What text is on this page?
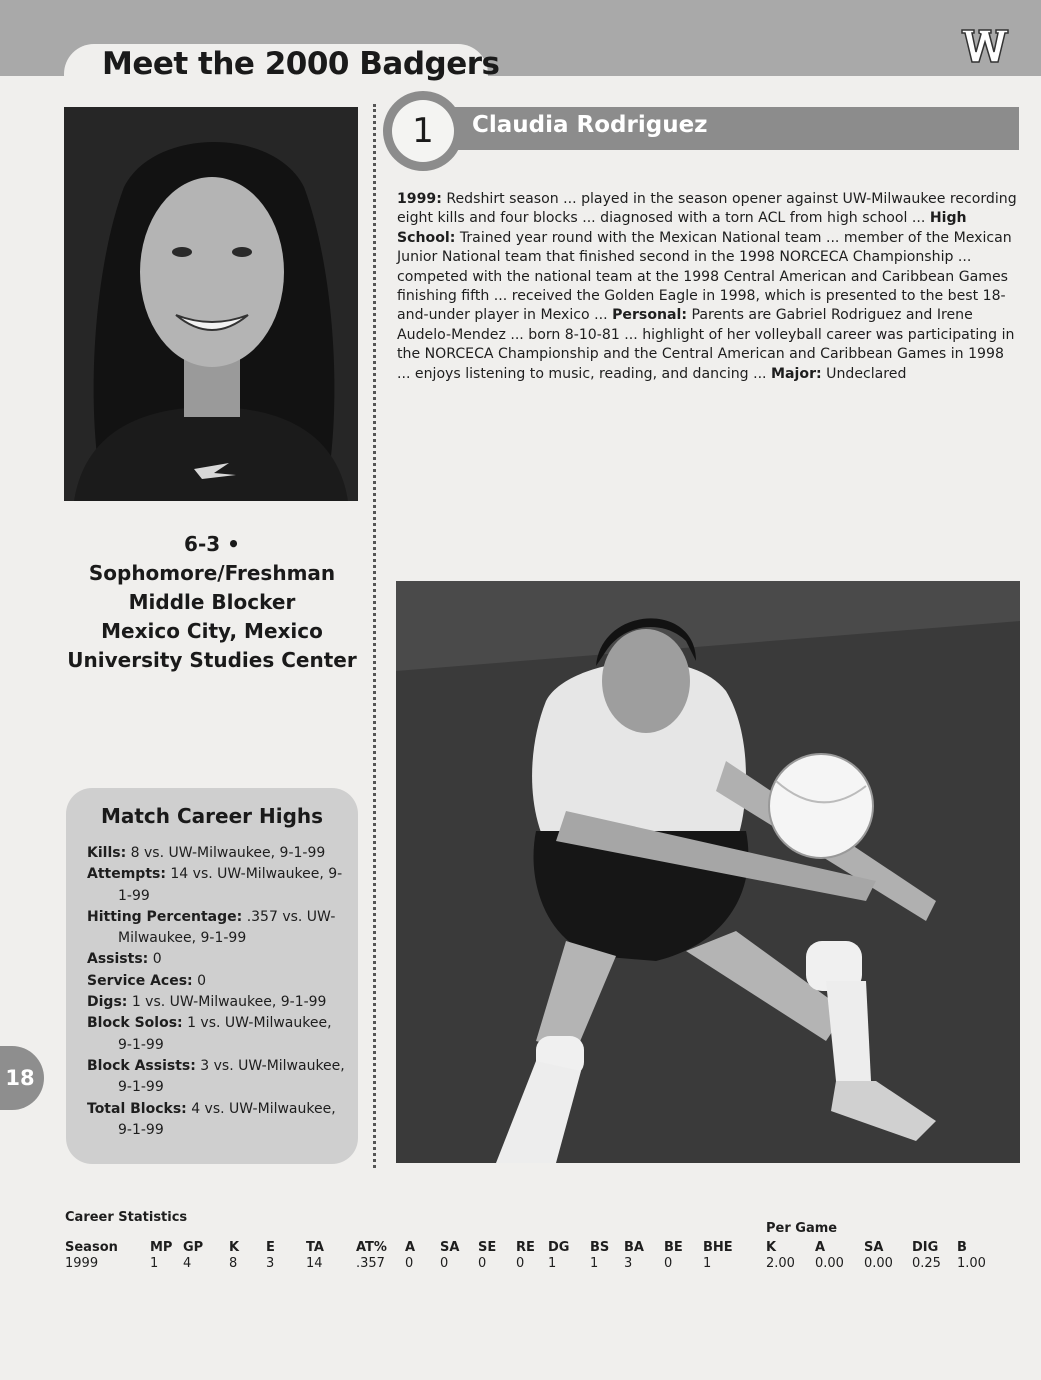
Meet the 2000 Badgers
18
Claudia Rodriguez
1
1999: Redshirt season ... played in the season opener against UW-Milwaukee recording eight kills and four blocks ... diagnosed with a torn ACL from high school ... High School: Trained year round with the Mexican National team ... member of the Mexican Junior National team that finished second in the 1998 NORCECA Championship ... competed with the national team at the 1998 Central American and Caribbean Games finishing fifth ... received the Golden Eagle in 1998, which is presented to the best 18-and-under player in Mexico ... Personal: Parents are Gabriel Rodriguez and Irene Audelo-Mendez ... born 8-10-81 ... highlight of her volleyball career was participating in the NORCECA Championship and the Central American and Caribbean Games in 1998 ... enjoys listening to music, reading, and dancing ... Major: Undeclared
6-3 • Sophomore/Freshman
Middle Blocker
Mexico City, Mexico
University Studies Center
Match Career Highs
Kills: 8 vs. UW-Milwaukee, 9-1-99
Attempts: 14 vs. UW-Milwaukee, 9-1-99
Hitting Percentage: .357 vs. UW-Milwaukee, 9-1-99
Assists: 0
Service Aces: 0
Digs: 1 vs. UW-Milwaukee, 9-1-99
Block Solos: 1 vs. UW-Milwaukee, 9-1-99
Block Assists: 3 vs. UW-Milwaukee, 9-1-99
Total Blocks: 4 vs. UW-Milwaukee, 9-1-99
Career Statistics
Per Game
Season
1999
MP
1
GP
4
K
8
E
3
TA
14
AT%
.357
A
0
SA
0
SE
0
RE
0
DG
1
BS
1
BA
3
BE
0
BHE
1
K
2.00
A
0.00
SA
0.00
DIG
0.25
B
1.00
